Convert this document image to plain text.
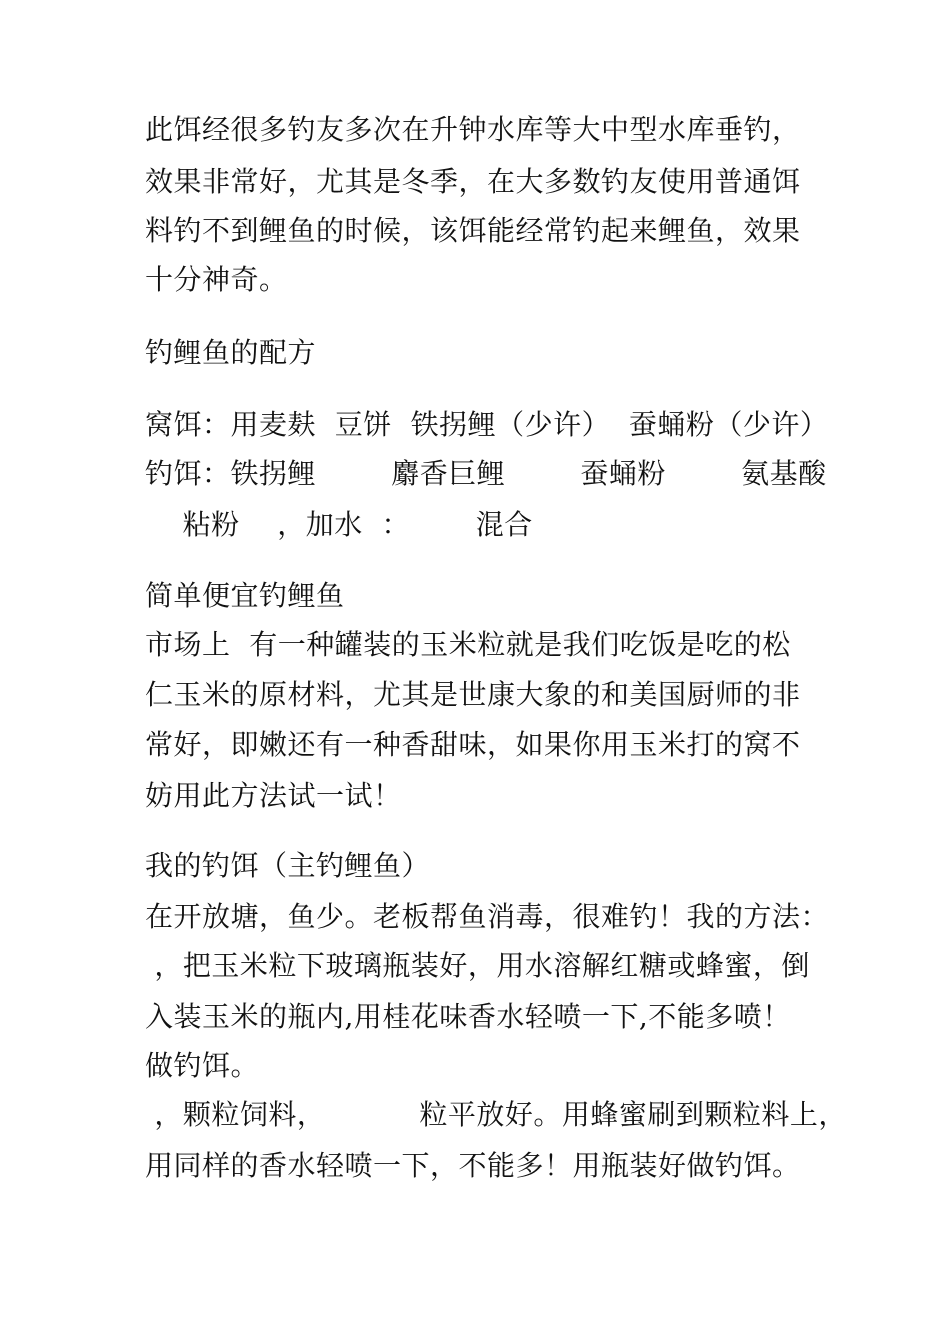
此饵经很多钓友多次在升钟水库等大中型水库垂钓，
效果非常好，尤其是冬季，在大多数钓友使用普通饵
料钓不到鲤鱼的时候，该饵能经常钓起来鲤鱼，效果
十分神奇。
钓鲤鱼的配方
窝饵：用麦麸  豆饼  铁拐鲤（少许）  蚕蛹粉（少许）
钓饵：铁拐鲤        麝香巨鲤        蚕蛹粉        氨基酸
粘粉    ，加水  ：       混合
简单便宜钓鲤鱼
市场上  有一种罐装的玉米粒就是我们吃饭是吃的松
仁玉米的原材料，尤其是世康大象的和美国厨师的非
常好，即嫩还有一种香甜味，如果你用玉米打的窝不
妨用此方法试一试！
我的钓饵（主钓鲤鱼）
在开放塘，鱼少。老板帮鱼消毒，很难钓！我的方法：
，把玉米粒下玻璃瓶装好，用水溶解红糖或蜂蜜，倒
入装玉米的瓶内,用桂花味香水轻喷一下,不能多喷！
做钓饵。
，颗粒饲料，          粒平放好。用蜂蜜刷到颗粒料上，
用同样的香水轻喷一下，不能多！用瓶装好做钓饵。
